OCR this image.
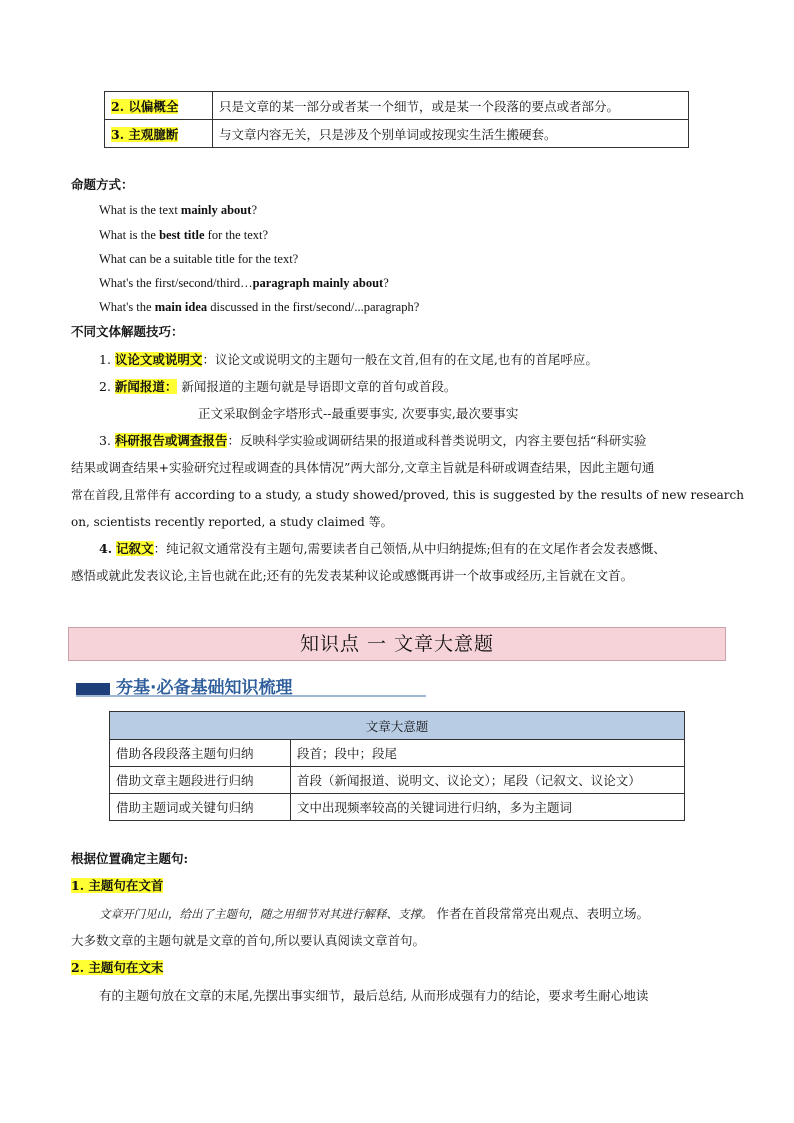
2. 以偏概全	只是文章的某一部分或者某一个细节，或是某一个段落的要点或者部分。
3. 主观臆断	与文章内容无关，只是涉及个别单词或按现实生活生搬硬套。
命题方式：
What is the text mainly about?
What is the best title for the text?
What can be a suitable title for the text?
What's the first/second/third…paragraph mainly about?
What's the main idea discussed in the first/second/...paragraph?
不同文体解题技巧：
1. 议论文或说明文：议论文或说明文的主题句一般在文首,但有的在文尾,也有的首尾呼应。
2. 新闻报道： 新闻报道的主题句就是导语即文章的首句或首段。
正文采取倒金字塔形式--最重要事实, 次要事实,最次要事实
3. 科研报告或调查报告：反映科学实验或调研结果的报道或科普类说明文，内容主要包括“科研实验
结果或调查结果+实验研究过程或调查的具体情况”两大部分,文章主旨就是科研或调查结果，因此主题句通
常在首段,且常伴有 according to a study, a study showed/proved, this is suggested by the results of new research
on, scientists recently reported, a study claimed 等。
4. 记叙文：纯记叙文通常没有主题句,需要读者自己领悟,从中归纳提炼;但有的在文尾作者会发表感慨、
感悟或就此发表议论,主旨也就在此;还有的先发表某种议论或感慨再讲一个故事或经历,主旨就在文首。
知识点 一 文章大意题
夯基·必备基础知识梳理
文章大意题	
借助各段段落主题句归纳	段首；段中；段尾
借助文章主题段进行归纳	首段（新闻报道、说明文、议论文）；尾段（记叙文、议论文）
借助主题词或关键句归纳	文中出现频率较高的关键词进行归纳，多为主题词
根据位置确定主题句:
1. 主题句在文首
文章开门见山，给出了主题句，随之用细节对其进行解释、支撑。 作者在首段常常亮出观点、表明立场。
大多数文章的主题句就是文章的首句,所以要认真阅读文章首句。
2. 主题句在文末
有的主题句放在文章的末尾,先摆出事实细节，最后总结, 从而形成强有力的结论，要求考生耐心地读
